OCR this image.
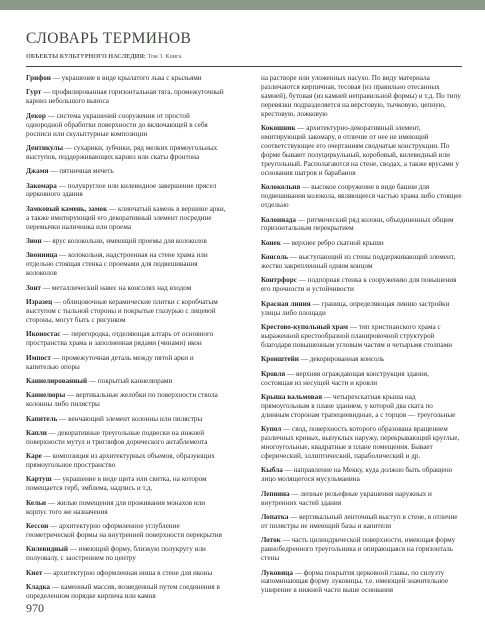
СЛОВАРЬ ТЕРМИНОВ
ОБЪЕКТЫ КУЛЬТУРНОГО НАСЛЕДИЯ: Том 3. Книга

Грифон — украшение в виде крылатого льва с крыльями

Гурт — профилированная горизонтальная тяга, промежуточный карниз небольшого выноса

Декор — система украшений сооружения от простой однородной обработки поверхности до включающей в себя росписи или скульптурные композиции

Дентикулы — сухарики, зубчики, ряд мелких прямоугольных выступов, поддерживающих карниз или скаты фронтона

Джамя — пятничная мечеть

Закомара — полукруглое или килевидное завершение прясел церковного здания

Замковый камень, замок — клинчатый камень в вершине арки, а также имитирующий его декоративный элемент посредине перемычки наличника или проема

Зион — ярус колокольни, имеющий проемы для колоколов

Звонница — колокольня, надстроенная на стене храма или отдельно стоящая стенка с проемами для подвешивания колоколов

Зонт — металлический навес на консолях над входом

Изразец — облицовочные керамические плитки с коробчатым выступом с тыльной стороны и покрытые глазурью с лицевой стороны, могут быть с рисунком

Иконостас — перегородка, отделяющая алтарь от основного пространства храма и заполненная рядами (чинами) икон

Импост — промежуточная деталь между пятой арки и капителью опоры

Каннелированный — покрытый каннелюрами

Каннелюры — вертикальные желобки по поверхности ствола колонны либо пилястры

Капитель — венчающий элемент колонны или пилястры

Капли — декоративные треугольные подвески на нижней поверхности мутул и триглифов дорического антаблемента

Каре — композиция из архитектурных объемов, образующих прямоугольное пространство

Картуш — украшение в виде щита или свитка, на котором помещается герб, эмблема, надпись и т.д.

Кельи — жилые помещения для проживания монахов или корпус того же назначения

Кессон — архитектурно оформленное углубление геометрической формы на внутренней поверхности перекрытия

Килевидный — имеющий форму, близкую полукругу или полуовалу, с заострением по центру

Киот — архитектурно оформленная ниша в стене для иконы

Кладка — каменный массив, возведенный путем соединения в определенном порядке кирпича или камня

на растворе или уложенных насухо. По виду материала различаются кирпичная, тесовая (из правильно отесанных камней), бутовая (из камней неправильной формы) и т.д. По типу перевязки подразделяется на верстовую, тычковую, цепную, крестовую, ложковую

Кокошник — архитектурно-декоративный элемент, имитирующий закомару, в отличие от нее не имеющий соответствующее его очертаниям сводчатые конструкции. По форме бывают полуциркульный, коробовый, килевидный или треугольный. Располагаются на стене, сводах, а также ярусами у основания шатров и барабанов

Колокольня — высокое сооружение в виде башни для подвешивания колокола, являющееся частью храма либо стоящее отдельно

Колоннада — ритмический ряд колонн, объединенных общим горизонтальным перекрытием

Конек — верхнее ребро скатной крыши

Консоль — выступающий из стены поддерживающий элемент, жестко закрепленный одним концом

Контрфорс — подпорная стенка к сооружению для повышения его прочности и устойчивости

Красная линия — граница, определяющая линию застройки улицы либо площади

Крестово-купольный храм — тип христианского храма с выраженной крестообразной планировочной структурой благодаря повышенным угловым частям и четырьмя столпами

Кронштейн — декорированная консоль

Кровля — верхняя ограждающая конструкция здания, состоящая из несущей части и кровли

Крыша вальмовая — четырехскатная крыша над прямоугольным в плане зданием, у которой два ската по длинным сторонам трапециевидные, а с торцов — треугольные

Купол — свод, поверхность которого образована вращением различных кривых, выпуклых наружу, перекрывающий круглые, многоугольные, квадратные в плане помещения. Бывает сферический, эллиптический, параболический и др.

Кыбла — направление на Мекку, куда должно быть обращено лицо молящегося мусульманина

Лепнина — лепные рельефные украшения наружных и внутренних частей здания

Лопатка — вертикальный ленточный выступ в стене, в отличие от пилястры не имеющий базы и капители

Лоток — часть цилиндрической поверхности, имеющая форму равнобедренного треугольника и опирающаяся на горизонталь стены

Луковица — форма покрытия церковной главы, по силуэту напоминающая форму луковицы, т.е. имеющей значительное уширение в нижней части выше основания

970
